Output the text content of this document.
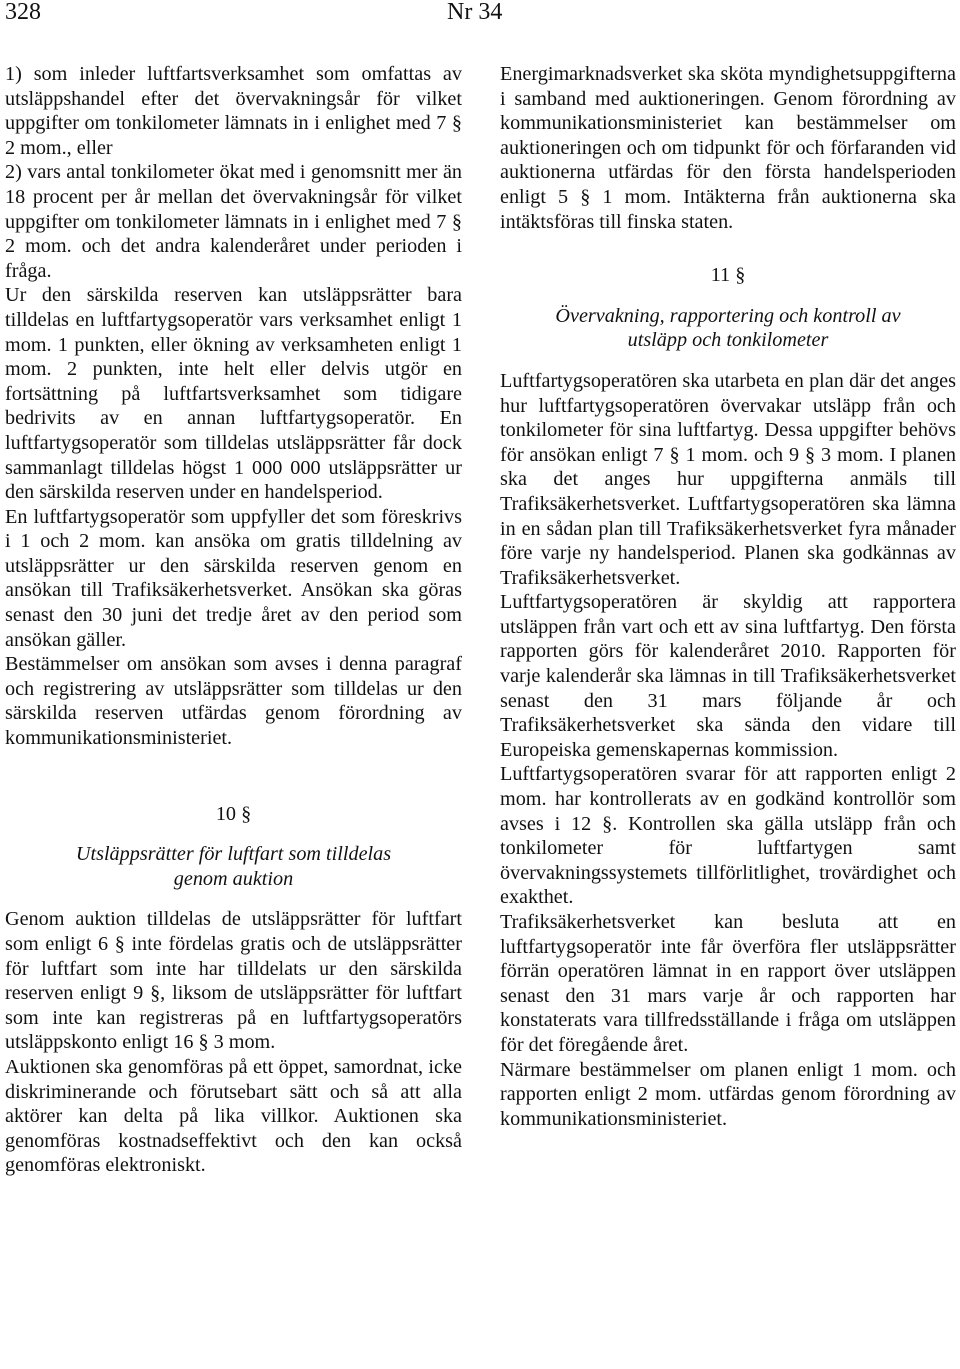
328	Nr 34

1) som inleder luftfartsverksamhet som omfattas av utsläppshandel efter det övervakningsår för vilket uppgifter om tonkilometer lämnats in i enlighet med 7 § 2 mom., eller

2) vars antal tonkilometer ökat med i genomsnitt mer än 18 procent per år mellan det övervakningsår för vilket uppgifter om tonkilometer lämnats in i enlighet med 7 § 2 mom. och det andra kalenderåret under perioden i fråga.

Ur den särskilda reserven kan utsläppsrätter bara tilldelas en luftfartygsoperatör vars verksamhet enligt 1 mom. 1 punkten, eller ökning av verksamheten enligt 1 mom. 2 punkten, inte helt eller delvis utgör en fortsättning på luftfartsverksamhet som tidigare bedrivits av en annan luftfartygsoperatör. En luftfartygsoperatör som tilldelas utsläppsrätter får dock sammanlagt tilldelas högst 1 000 000 utsläppsrätter ur den särskilda reserven under en handelsperiod.

En luftfartygsoperatör som uppfyller det som föreskrivs i 1 och 2 mom. kan ansöka om gratis tilldelning av utsläppsrätter ur den särskilda reserven genom en ansökan till Trafiksäkerhetsverket. Ansökan ska göras senast den 30 juni det tredje året av den period som ansökan gäller.

Bestämmelser om ansökan som avses i denna paragraf och registrering av utsläppsrätter som tilldelas ur den särskilda reserven utfärdas genom förordning av kommunikationsministeriet.

10 §

Utsläppsrätter för luftfart som tilldelas

genom auktion

Genom auktion tilldelas de utsläppsrätter för luftfart som enligt 6 § inte fördelas gratis och de utsläppsrätter för luftfart som inte har tilldelats ur den särskilda reserven enligt 9 §, liksom de utsläppsrätter för luftfart som inte kan registreras på en luftfartygsoperatörs utsläppskonto enligt 16 § 3 mom.

Auktionen ska genomföras på ett öppet, samordnat, icke diskriminerande och förutsebart sätt och så att alla aktörer kan delta på lika villkor. Auktionen ska genomföras kostnadseffektivt och den kan också genomföras elektroniskt.

Energimarknadsverket ska sköta myndighetsuppgifterna i samband med auktioneringen. Genom förordning av kommunikationsministeriet kan bestämmelser om auktioneringen och om tidpunkt för och förfaranden vid auktionerna utfärdas för den första handelsperioden enligt 5 § 1 mom. Intäkterna från auktionerna ska intäktsföras till finska staten.

11 §

Övervakning, rapportering och kontroll av

utsläpp och tonkilometer

Luftfartygsoperatören ska utarbeta en plan där det anges hur luftfartygsoperatören övervakar utsläpp från och tonkilometer för sina luftfartyg. Dessa uppgifter behövs för ansökan enligt 7 § 1 mom. och 9 § 3 mom. I planen ska det anges hur uppgifterna anmäls till Trafiksäkerhetsverket. Luftfartygsoperatören ska lämna in en sådan plan till Trafiksäkerhetsverket fyra månader före varje ny handelsperiod. Planen ska godkännas av Trafiksäkerhetsverket.

Luftfartygsoperatören är skyldig att rapportera utsläppen från vart och ett av sina luftfartyg. Den första rapporten görs för kalenderåret 2010. Rapporten för varje kalenderår ska lämnas in till Trafiksäkerhetsverket senast den 31 mars följande år och Trafiksäkerhetsverket ska sända den vidare till Europeiska gemenskapernas kommission.

Luftfartygsoperatören svarar för att rapporten enligt 2 mom. har kontrollerats av en godkänd kontrollör som avses i 12 §. Kontrollen ska gälla utsläpp från och tonkilometer för luftfartygen samt övervakningssystemets tillförlitlighet, trovärdighet och exakthet.

Trafiksäkerhetsverket kan besluta att en luftfartygsoperatör inte får överföra fler utsläppsrätter förrän operatören lämnat in en rapport över utsläppen senast den 31 mars varje år och rapporten har konstaterats vara tillfredsställande i fråga om utsläppen för det föregående året.

Närmare bestämmelser om planen enligt 1 mom. och rapporten enligt 2 mom. utfärdas genom förordning av kommunikationsministeriet.
